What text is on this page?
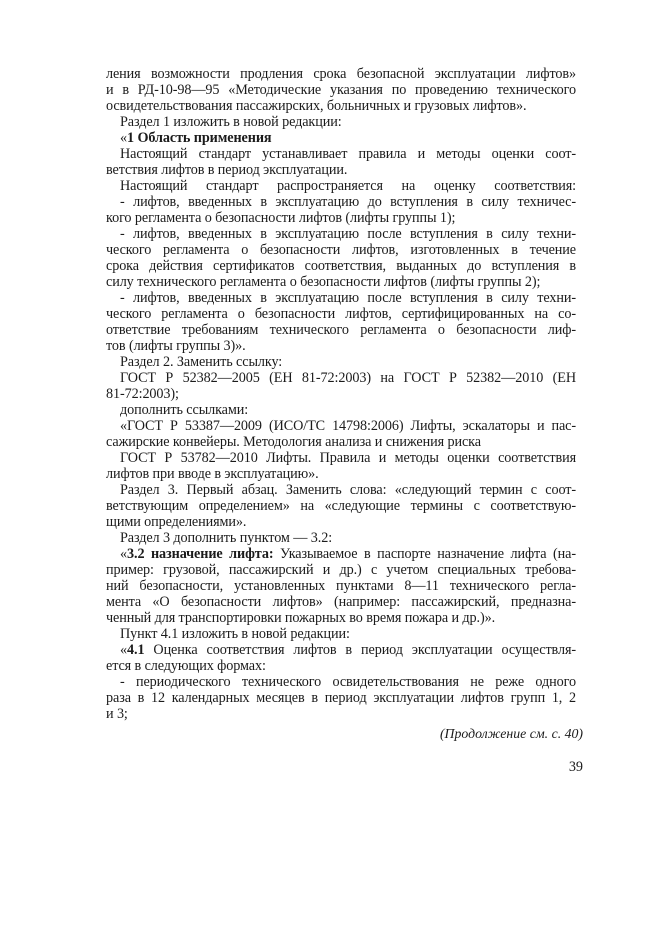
ления возможности продления срока безопасной эксплуатации лифтов»
и в РД-10-98—95 «Методические указания по проведению технического
освидетельствования пассажирских, больничных и грузовых лифтов».
Раздел 1 изложить в новой редакции:
«1 Область применения
Настоящий стандарт устанавливает правила и методы оценки соот-
ветствия лифтов в период эксплуатации.
Настоящий стандарт распространяется на оценку соответствия:
- лифтов, введенных в эксплуатацию до вступления в силу техничес-
кого регламента о безопасности лифтов (лифты группы 1);
- лифтов, введенных в эксплуатацию после вступления в силу техни-
ческого регламента о безопасности лифтов, изготовленных в течение
срока действия сертификатов соответствия, выданных до вступления в
силу технического регламента о безопасности лифтов (лифты группы 2);
- лифтов, введенных в эксплуатацию после вступления в силу техни-
ческого регламента о безопасности лифтов, сертифицированных на со-
ответствие требованиям технического регламента о безопасности лиф-
тов (лифты группы 3)».
Раздел 2. Заменить ссылку:
ГОСТ Р 52382—2005 (ЕН 81-72:2003) на ГОСТ Р 52382—2010 (ЕН
81-72:2003);
дополнить ссылками:
«ГОСТ Р 53387—2009 (ИСО/ТС 14798:2006) Лифты, эскалаторы и пас-
сажирские конвейеры. Методология анализа и снижения риска
ГОСТ Р 53782—2010 Лифты. Правила и методы оценки соответствия
лифтов при вводе в эксплуатацию».
Раздел 3. Первый абзац. Заменить слова: «следующий термин с соот-
ветствующим определением» на «следующие термины с соответствую-
щими определениями».
Раздел 3 дополнить пунктом — 3.2:
«3.2 назначение лифта: Указываемое в паспорте назначение лифта (на-
пример: грузовой, пассажирский и др.) с учетом специальных требова-
ний безопасности, установленных пунктами 8—11 технического регла-
мента «О безопасности лифтов» (например: пассажирский, предназна-
ченный для транспортировки пожарных во время пожара и др.)».
Пункт 4.1 изложить в новой редакции:
«4.1 Оценка соответствия лифтов в период эксплуатации осуществля-
ется в следующих формах:
- периодического технического освидетельствования не реже одного
раза в 12 календарных месяцев в период эксплуатации лифтов групп 1, 2
и 3;
(Продолжение см. с. 40)
39
